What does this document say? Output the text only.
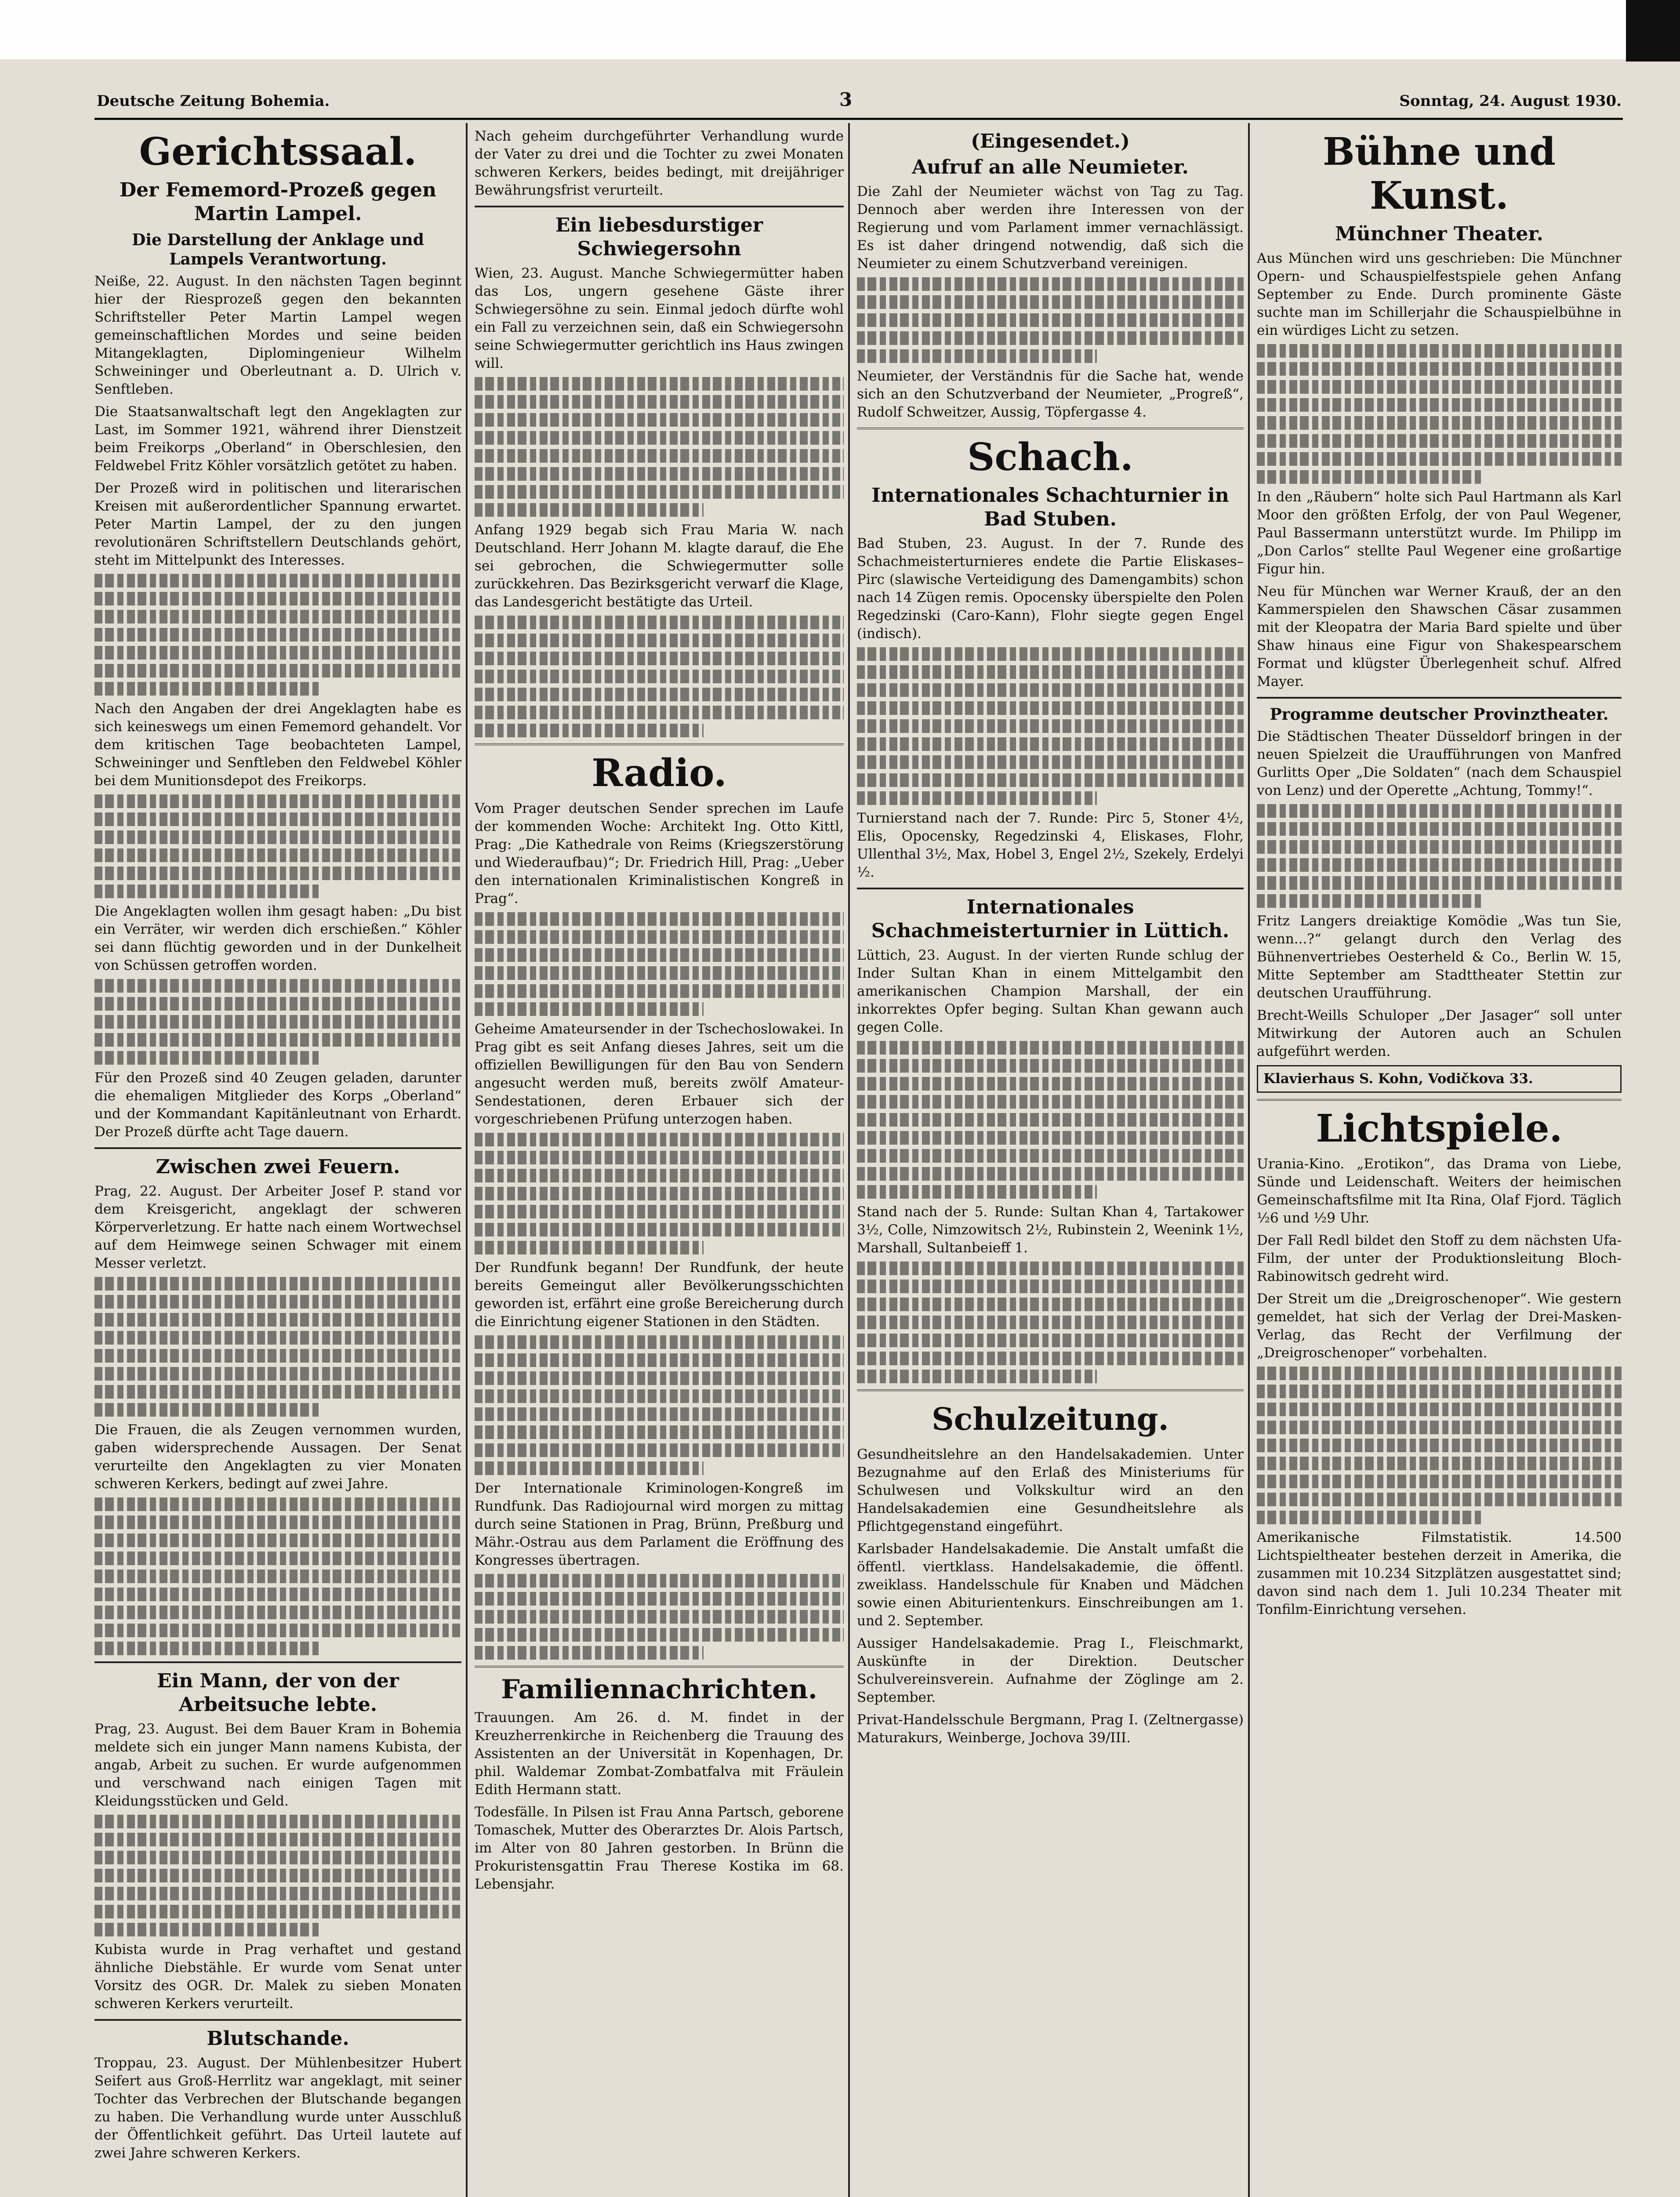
Deutsche Zeitung Bohemia.	3	Sonntag, 24. August 1930.
Gerichtssaal.
Der Fememord-Prozeß gegen Martin Lampel.
Die Darstellung der Anklage und Lampels Verantwortung.

Neiße, 22. August. In den nächsten Tagen beginnt hier der Riesprozeß gegen den bekannten Schriftsteller Peter Martin Lampel wegen gemeinschaftlichen Mordes und seine beiden Mitangeklagten, Diplomingenieur Wilhelm Schweininger und Oberleutnant a. D. Ulrich v. Senftleben.

Die Staatsanwaltschaft legt den Angeklagten zur Last, im Sommer 1921, während ihrer Dienstzeit beim Freikorps „Oberland“ in Oberschlesien, den Feldwebel Fritz Köhler vorsätzlich getötet zu haben.

Der Prozeß wird in politischen und literarischen Kreisen mit außerordentlicher Spannung erwartet. Peter Martin Lampel, der zu den jungen revolutionären Schriftstellern Deutschlands gehört, steht im Mittelpunkt des Interesses.

Nach den Angaben der drei Angeklagten habe es sich keineswegs um einen Fememord gehandelt. Vor dem kritischen Tage beobachteten Lampel, Schweininger und Senftleben den Feldwebel Köhler bei dem Munitionsdepot des Freikorps.

Die Angeklagten wollen ihm gesagt haben: „Du bist ein Verräter, wir werden dich erschießen.“ Köhler sei dann flüchtig geworden und in der Dunkelheit von Schüssen getroffen worden.

Für den Prozeß sind 40 Zeugen geladen, darunter die ehemaligen Mitglieder des Korps „Oberland“ und der Kommandant Kapitänleutnant von Erhardt. Der Prozeß dürfte acht Tage dauern.

Zwischen zwei Feuern.

Prag, 22. August. Der Arbeiter Josef P. stand vor dem Kreisgericht, angeklagt der schweren Körperverletzung. Er hatte nach einem Wortwechsel auf dem Heimwege seinen Schwager mit einem Messer verletzt.

Die Frauen, die als Zeugen vernommen wurden, gaben widersprechende Aussagen. Der Senat verurteilte den Angeklagten zu vier Monaten schweren Kerkers, bedingt auf zwei Jahre.

Ein Mann, der von der Arbeitsuche lebte.

Prag, 23. August. Bei dem Bauer Kram in Bohemia meldete sich ein junger Mann namens Kubista, der angab, Arbeit zu suchen. Er wurde aufgenommen und verschwand nach einigen Tagen mit Kleidungsstücken und Geld.

Kubista wurde in Prag verhaftet und gestand ähnliche Diebstähle. Er wurde vom Senat unter Vorsitz des OGR. Dr. Malek zu sieben Monaten schweren Kerkers verurteilt.

Blutschande.

Troppau, 23. August. Der Mühlenbesitzer Hubert Seifert aus Groß-Herrlitz war angeklagt, mit seiner Tochter das Verbrechen der Blutschande begangen zu haben. Die Verhandlung wurde unter Ausschluß der Öffentlichkeit geführt. Das Urteil lautete auf zwei Jahre schweren Kerkers.

Nach geheim durchgeführter Verhandlung wurde der Vater zu drei und die Tochter zu zwei Monaten schweren Kerkers, beides bedingt, mit dreijähriger Bewährungsfrist verurteilt.

Ein liebesdurstiger Schwiegersohn

Wien, 23. August. Manche Schwiegermütter haben das Los, ungern gesehene Gäste ihrer Schwiegersöhne zu sein. Einmal jedoch dürfte wohl ein Fall zu verzeichnen sein, daß ein Schwiegersohn seine Schwiegermutter gerichtlich ins Haus zwingen will.

Anfang 1929 begab sich Frau Maria W. nach Deutschland. Herr Johann M. klagte darauf, die Ehe sei gebrochen, die Schwiegermutter solle zurückkehren. Das Bezirksgericht verwarf die Klage, das Landesgericht bestätigte das Urteil.

Radio.

Vom Prager deutschen Sender sprechen im Laufe der kommenden Woche: Architekt Ing. Otto Kittl, Prag: „Die Kathedrale von Reims (Kriegszerstörung und Wiederaufbau)“; Dr. Friedrich Hill, Prag: „Ueber den internationalen Kriminalistischen Kongreß in Prag“.

Geheime Amateursender in der Tschechoslowakei. In Prag gibt es seit Anfang dieses Jahres, seit um die offiziellen Bewilligungen für den Bau von Sendern angesucht werden muß, bereits zwölf Amateur-Sendestationen, deren Erbauer sich der vorgeschriebenen Prüfung unterzogen haben.

Der Rundfunk begann! Der Rundfunk, der heute bereits Gemeingut aller Bevölkerungsschichten geworden ist, erfährt eine große Bereicherung durch die Einrichtung eigener Stationen in den Städten.

Der Internationale Kriminologen-Kongreß im Rundfunk. Das Radiojournal wird morgen zu mittag durch seine Stationen in Prag, Brünn, Preßburg und Mähr.-Ostrau aus dem Parlament die Eröffnung des Kongresses übertragen.

Familiennachrichten.

Trauungen. Am 26. d. M. findet in der Kreuzherrenkirche in Reichenberg die Trauung des Assistenten an der Universität in Kopenhagen, Dr. phil. Waldemar Zombat-Zombatfalva mit Fräulein Edith Hermann statt.

Todesfälle. In Pilsen ist Frau Anna Partsch, geborene Tomaschek, Mutter des Oberarztes Dr. Alois Partsch, im Alter von 80 Jahren gestorben. In Brünn die Prokuristensgattin Frau Therese Kostika im 68. Lebensjahr.

(Eingesendet.)
Aufruf an alle Neumieter.

Die Zahl der Neumieter wächst von Tag zu Tag. Dennoch aber werden ihre Interessen von der Regierung und vom Parlament immer vernachlässigt. Es ist daher dringend notwendig, daß sich die Neumieter zu einem Schutzverband vereinigen.

Neumieter, der Verständnis für die Sache hat, wende sich an den Schutzverband der Neumieter, „Progreß“, Rudolf Schweitzer, Aussig, Töpfergasse 4.

Schach.
Internationales Schachturnier in Bad Stuben.

Bad Stuben, 23. August. In der 7. Runde des Schachmeisterturnieres endete die Partie Eliskases–Pirc (slawische Verteidigung des Damengambits) schon nach 14 Zügen remis. Opocensky überspielte den Polen Regedzinski (Caro-Kann), Flohr siegte gegen Engel (indisch).

Turnierstand nach der 7. Runde: Pirc 5, Stoner 4½, Elis, Opocensky, Regedzinski 4, Eliskases, Flohr, Ullenthal 3½, Max, Hobel 3, Engel 2½, Szekely, Erdelyi ½.

Internationales Schachmeisterturnier in Lüttich.

Lüttich, 23. August. In der vierten Runde schlug der Inder Sultan Khan in einem Mittelgambit den amerikanischen Champion Marshall, der ein inkorrektes Opfer beging. Sultan Khan gewann auch gegen Colle.

Stand nach der 5. Runde: Sultan Khan 4, Tartakower 3½, Colle, Nimzowitsch 2½, Rubinstein 2, Weenink 1½, Marshall, Sultanbeieff 1.

Schulzeitung.

Gesundheitslehre an den Handelsakademien. Unter Bezugnahme auf den Erlaß des Ministeriums für Schulwesen und Volkskultur wird an den Handelsakademien eine Gesundheitslehre als Pflichtgegenstand eingeführt.

Karlsbader Handelsakademie. Die Anstalt umfaßt die öffentl. viertklass. Handelsakademie, die öffentl. zweiklass. Handelsschule für Knaben und Mädchen sowie einen Abiturientenkurs. Einschreibungen am 1. und 2. September.

Aussiger Handelsakademie. Prag I., Fleischmarkt, Auskünfte in der Direktion. Deutscher Schulvereinsverein. Aufnahme der Zöglinge am 2. September.

Privat-Handelsschule Bergmann, Prag I. (Zeltnergasse) Maturakurs, Weinberge, Jochova 39/III.

Bühne und Kunst.
Münchner Theater.

Aus München wird uns geschrieben: Die Münchner Opern- und Schauspielfestspiele gehen Anfang September zu Ende. Durch prominente Gäste suchte man im Schillerjahr die Schauspielbühne in ein würdiges Licht zu setzen.

In den „Räubern“ holte sich Paul Hartmann als Karl Moor den größten Erfolg, der von Paul Wegener, Paul Bassermann unterstützt wurde. Im Philipp im „Don Carlos“ stellte Paul Wegener eine großartige Figur hin.

Neu für München war Werner Krauß, der an den Kammerspielen den Shawschen Cäsar zusammen mit der Kleopatra der Maria Bard spielte und über Shaw hinaus eine Figur von Shakespearschem Format und klügster Überlegenheit schuf. Alfred Mayer.

Programme deutscher Provinztheater.

Die Städtischen Theater Düsseldorf bringen in der neuen Spielzeit die Uraufführungen von Manfred Gurlitts Oper „Die Soldaten“ (nach dem Schauspiel von Lenz) und der Operette „Achtung, Tommy!“.

Fritz Langers dreiaktige Komödie „Was tun Sie, wenn...?“ gelangt durch den Verlag des Bühnenvertriebes Oesterheld & Co., Berlin W. 15, Mitte September am Stadttheater Stettin zur deutschen Uraufführung.

Brecht-Weills Schuloper „Der Jasager“ soll unter Mitwirkung der Autoren auch an Schulen aufgeführt werden.

Klavierhaus S. Kohn, Vodičkova 33.

Lichtspiele.

Urania-Kino. „Erotikon“, das Drama von Liebe, Sünde und Leidenschaft. Weiters der heimischen Gemeinschaftsfilme mit Ita Rina, Olaf Fjord. Täglich ½6 und ½9 Uhr.

Der Fall Redl bildet den Stoff zu dem nächsten Ufa-Film, der unter der Produktionsleitung Bloch-Rabinowitsch gedreht wird.

Der Streit um die „Dreigroschenoper“. Wie gestern gemeldet, hat sich der Verlag der Drei-Masken-Verlag, das Recht der Verfilmung der „Dreigroschenoper“ vorbehalten.

Amerikanische Filmstatistik. 14.500 Lichtspieltheater bestehen derzeit in Amerika, die zusammen mit 10.234 Sitzplätzen ausgestattet sind; davon sind nach dem 1. Juli 10.234 Theater mit Tonfilm-Einrichtung versehen.
